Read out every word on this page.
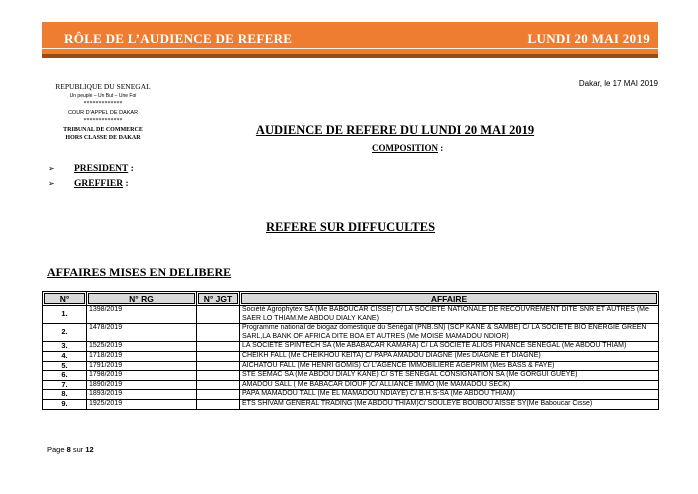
RÔLE DE L’AUDIENCE DE REFERE	LUNDI 20 MAI 2019
Dakar, le 17 MAI 2019
REPUBLIQUE DU SENEGAL
Un peuple – Un But – Une Foi
*************
COUR D’APPEL DE DAKAR
*************
TRIBUNAL DE COMMERCE
HORS CLASSE DE DAKAR
AUDIENCE DE REFERE DU LUNDI 20 MAI 2019
COMPOSITION :
➢ PRESIDENT :
➢ GREFFIER :
REFERE SUR DIFFUCULTES
AFFAIRES MISES EN DELIBERE
N°	N° RG	N° JGT	AFFAIRE
1.	1398/2019		Société Agrophytex SA (Me BABOUCAR CISSE) C/ LA SOCIETE NATIONALE DE RECOUVREMENT DITE SNR ET AUTRES (Me SAER LO THIAM.Me ABDOU DIALY KANE)
2.	1478/2019		Programme national de biogaz domestique du Sénégal (PNB.SN) (SCP KANE & SAMBE) C/ LA SOCIETE BIO ENERGIE GREEN SARL,LA BANK OF AFRICA DITE BOA ET AUTRES (Me MOISE MAMADOU NDIOR)
3.	1525/2019		LA SOCIETE SPINTECH SA (Me ABABACAR KAMARA) C/ LA SOCIETE ALIOS FINANCE SENEGAL (Me ABDOU THIAM)
4.	1718/2019		CHEIKH FALL (Me CHEIKHOU KEITA) C/ PAPA AMADOU DIAGNE (Mes DIAGNE ET DIAGNE)
5.	1791/2019		AICHATOU FALL (Me HENRI GOMIS) C/ L’AGENCE IMMOBILIERE AGEPRIM (Mes BASS & FAYE)
6.	1798/2019		STE SEMAC SA (Me ABDOU DIALY KANE) C/ STE SENEGAL CONSIGNATION SA (Me GORGUI GUEYE)
7.	1890/2019		AMADOU SALL ( Me BABACAR DIOUF )C/ ALLIANCE IMMO (Me MAMADOU SECK)
8.	1893/2019		PAPA MAMADOU TALL (Me EL MAMADOU NDIAYE) C/ B.H.S-SA (Me ABDOU THIAM)
9.	1925/2019		ETS SHIVAM GENERAL TRADING (Me ABDOU THIAM)C/ SOULEYE BOUBOU AISSE SY(Me Baboucar Cisse)
Page 8 sur 12
